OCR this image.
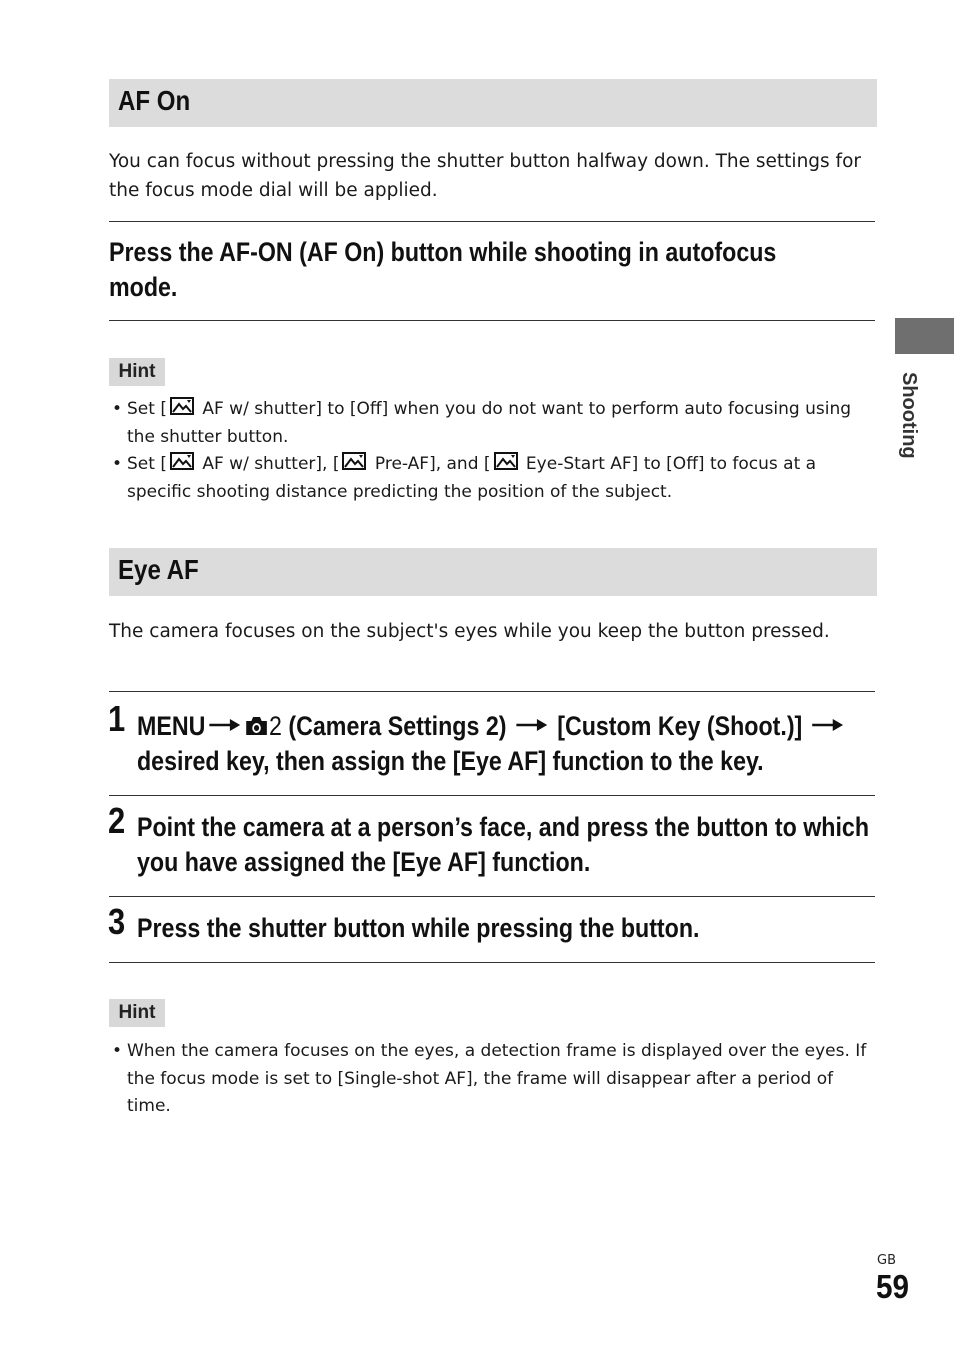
AF On
You can focus without pressing the shutter button halfway down. The settings for the focus mode dial will be applied.
Press the AF-ON (AF On) button while shooting in autofocus mode.
Hint
• Set [ AF w/ shutter] to [Off] when you do not want to perform auto focusing using the shutter button.
• Set [ AF w/ shutter], [ Pre-AF], and [ Eye-Start AF] to [Off] to focus at a specific shooting distance predicting the position of the subject.
Eye AF
The camera focuses on the subject's eyes while you keep the button pressed.
1 MENU 2 (Camera Settings 2)  [Custom Key (Shoot.)]  desired key, then assign the [Eye AF] function to the key.
2 Point the camera at a person’s face, and press the button to which you have assigned the [Eye AF] function.
3 Press the shutter button while pressing the button.
Hint
• When the camera focuses on the eyes, a detection frame is displayed over the eyes. If the focus mode is set to [Single-shot AF], the frame will disappear after a period of time.
Shooting
GB
59
